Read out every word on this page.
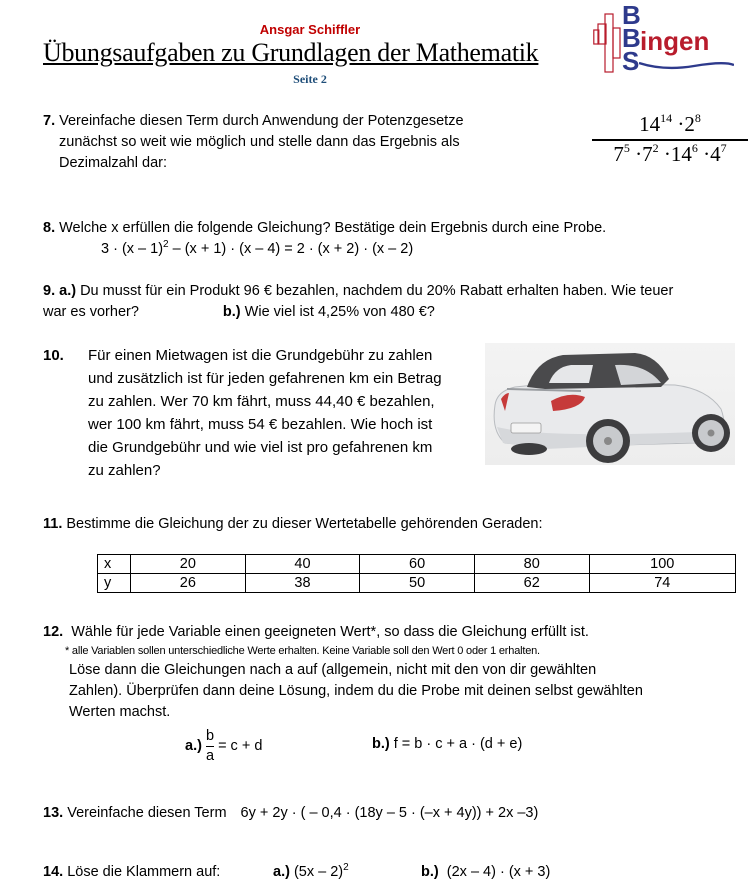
Ansgar Schiffler
Übungsaufgaben zu Grundlagen der Mathematik
Seite 2
B
B
S
ingen
7. Vereinfache diesen Term durch Anwendung der Potenzgesetze
zunächst so weit wie möglich und stelle dann das Ergebnis als
Dezimalzahl dar:
$14^{14} \cdot 2^8$
$7^5 \cdot 7^2 \cdot 14^6 \cdot 4^7$
8. Welche x erfüllen die folgende Gleichung? Bestätige dein Ergebnis durch eine Probe.
3 · (x – 1)$^2$ – (x + 1) · (x – 4) = 2 · (x + 2) · (x – 2)
9. a.) Du musst für ein Produkt 96 € bezahlen, nachdem du 20% Rabatt erhalten haben. Wie teuer
war es vorher?	b.) Wie viel ist 4,25% von 480 €?
10. Für einen Mietwagen ist die Grundgebühr zu zahlen
und zusätzlich ist für jeden gefahrenen km ein Betrag
zu zahlen. Wer 70 km fährt, muss 44,40 € bezahlen,
wer 100 km fährt, muss 54 € bezahlen. Wie hoch ist
die Grundgebühr und wie viel ist pro gefahrenen km
zu zahlen?
11. Bestimme die Gleichung der zu dieser Wertetabelle gehörenden Geraden:
x	20	40	60	80	100
y	26	38	50	62	74
12. Wähle für jede Variable einen geeigneten Wert*, so dass die Gleichung erfüllt ist.
* alle Variablen sollen unterschiedliche Werte erhalten. Keine Variable soll den Wert 0 oder 1 erhalten.
Löse dann die Gleichungen nach a auf (allgemein, nicht mit den von dir gewählten
Zahlen). Überprüfen dann deine Lösung, indem du die Probe mit deinen selbst gewählten
Werten machst.
$a.) \frac{b}{a} = c + d$	b.) f = b · c + a · (d + e)
13. Vereinfache diesen Term 6y + 2y · ( – 0,4 · (18y – 5 · (–x + 4y)) + 2x –3)
14. Löse die Klammern auf:	a.) (5x – 2)$^2$	b.) (2x – 4) · (x + 3)
